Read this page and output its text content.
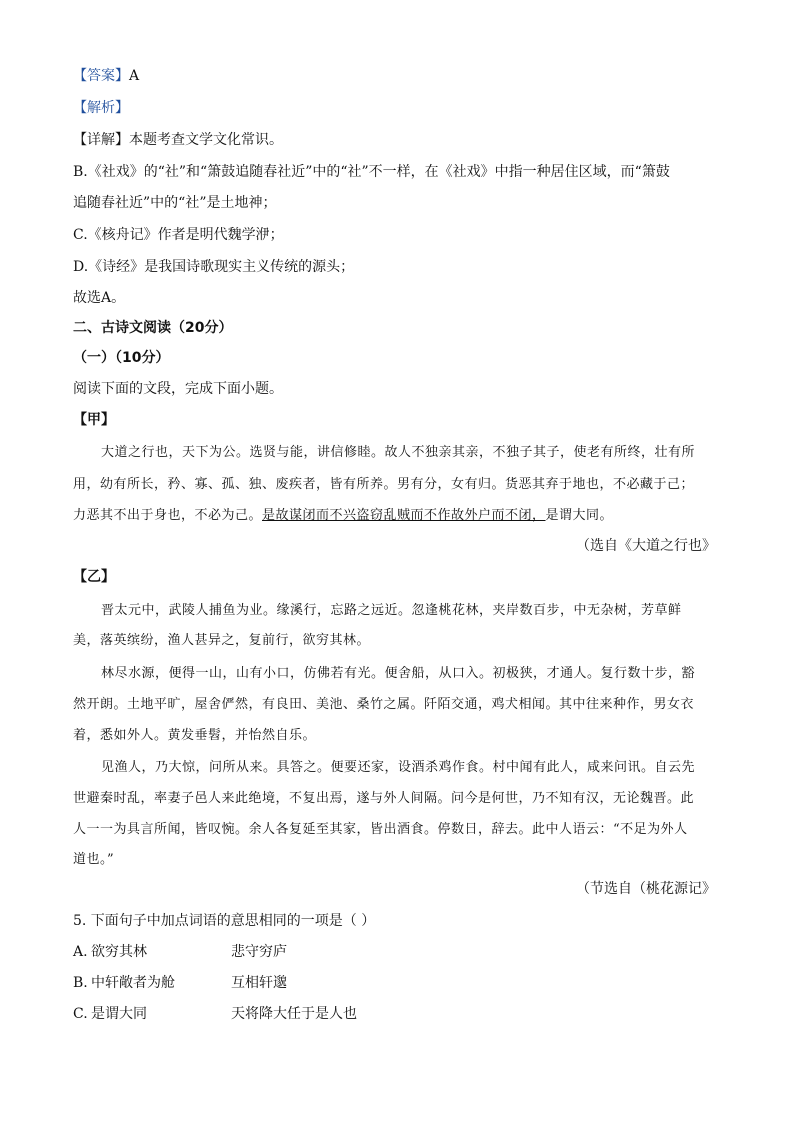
【答案】A
【解析】
【详解】本题考查文学文化常识。
B.《社戏》的“社”和“箫鼓追随春社近”中的“社”不一样，在《社戏》中指一种居住区域，而“箫鼓
追随春社近”中的“社”是土地神；
C.《核舟记》作者是明代魏学洢；
D.《诗经》是我国诗歌现实主义传统的源头；
故选A。
二、古诗文阅读（20分）
（一）（10分）
阅读下面的文段，完成下面小题。
【甲】
大道之行也，天下为公。选贤与能，讲信修睦。故人不独亲其亲，不独子其子，使老有所终，壮有所
用，幼有所长，矜、寡、孤、独、废疾者，皆有所养。男有分，女有归。货恶其弃于地也，不必藏于己；
力恶其不出于身也，不必为己。是故谋闭而不兴盗窃乱贼而不作故外户而不闭，是谓大同。
（选自《大道之行也》
【乙】
晋太元中，武陵人捕鱼为业。缘溪行，忘路之远近。忽逢桃花林，夹岸数百步，中无杂树，芳草鲜
美，落英缤纷，渔人甚异之，复前行，欲穷其林。
林尽水源，便得一山，山有小口，仿佛若有光。便舍船，从口入。初极狭，才通人。复行数十步，豁
然开朗。土地平旷，屋舍俨然，有良田、美池、桑竹之属。阡陌交通，鸡犬相闻。其中往来种作，男女衣
着，悉如外人。黄发垂髫，并怡然自乐。
见渔人，乃大惊，问所从来。具答之。便要还家，设酒杀鸡作食。村中闻有此人，咸来问讯。自云先
世避秦时乱，率妻子邑人来此绝境，不复出焉，遂与外人间隔。问今是何世，乃不知有汉，无论魏晋。此
人一一为具言所闻，皆叹惋。余人各复延至其家，皆出酒食。停数日，辞去。此中人语云：“不足为外人
道也。”
（节选自（桃花源记》
5. 下面句子中加点词语的意思相同的一项是（ ）
A. 欲穷其林	悲守穷庐
B. 中轩敞者为舱	互相轩邈
C. 是谓大同	天将降大任于是人也
